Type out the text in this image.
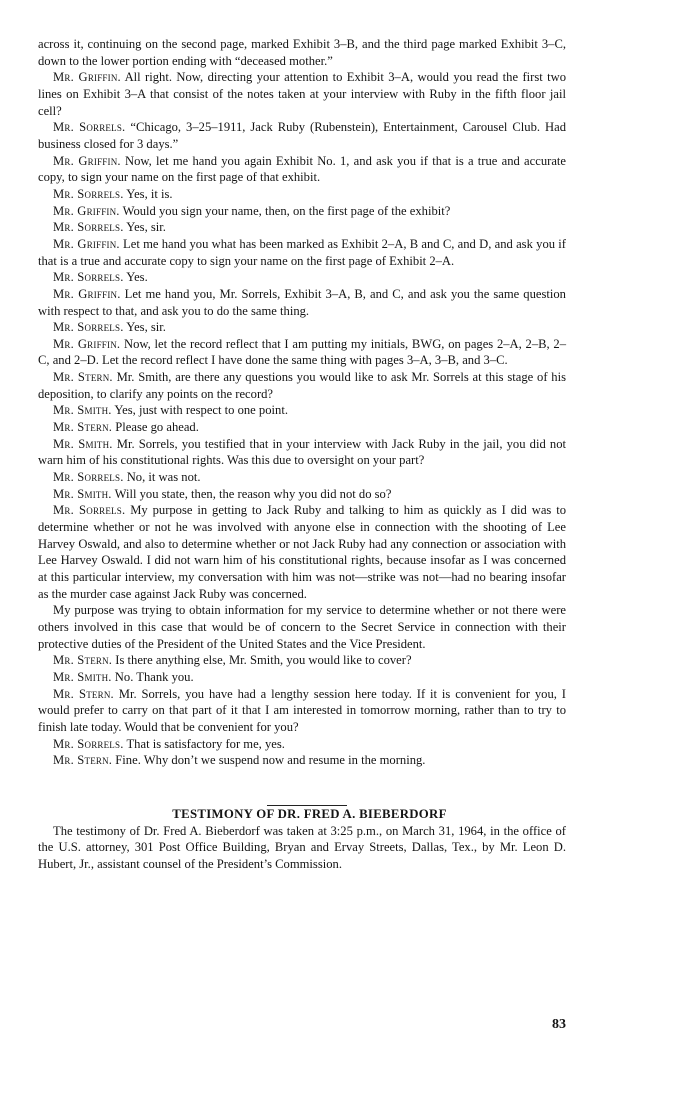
across it, continuing on the second page, marked Exhibit 3–B, and the third page marked Exhibit 3–C, down to the lower portion ending with “deceased mother.”

Mr. Griffin. All right. Now, directing your attention to Exhibit 3–A, would you read the first two lines on Exhibit 3–A that consist of the notes taken at your interview with Ruby in the fifth floor jail cell?

Mr. Sorrels. “Chicago, 3–25–1911, Jack Ruby (Rubenstein), Entertainment, Carousel Club. Had business closed for 3 days.”

Mr. Griffin. Now, let me hand you again Exhibit No. 1, and ask you if that is a true and accurate copy, to sign your name on the first page of that exhibit.

Mr. Sorrels. Yes, it is.

Mr. Griffin. Would you sign your name, then, on the first page of the exhibit?

Mr. Sorrels. Yes, sir.

Mr. Griffin. Let me hand you what has been marked as Exhibit 2–A, B and C, and D, and ask you if that is a true and accurate copy to sign your name on the first page of Exhibit 2–A.

Mr. Sorrels. Yes.

Mr. Griffin. Let me hand you, Mr. Sorrels, Exhibit 3–A, B, and C, and ask you the same question with respect to that, and ask you to do the same thing.

Mr. Sorrels. Yes, sir.

Mr. Griffin. Now, let the record reflect that I am putting my initials, BWG, on pages 2–A, 2–B, 2–C, and 2–D. Let the record reflect I have done the same thing with pages 3–A, 3–B, and 3–C.

Mr. Stern. Mr. Smith, are there any questions you would like to ask Mr. Sorrels at this stage of his deposition, to clarify any points on the record?

Mr. Smith. Yes, just with respect to one point.

Mr. Stern. Please go ahead.

Mr. Smith. Mr. Sorrels, you testified that in your interview with Jack Ruby in the jail, you did not warn him of his constitutional rights. Was this due to oversight on your part?

Mr. Sorrels. No, it was not.

Mr. Smith. Will you state, then, the reason why you did not do so?

Mr. Sorrels. My purpose in getting to Jack Ruby and talking to him as quickly as I did was to determine whether or not he was involved with anyone else in connection with the shooting of Lee Harvey Oswald, and also to determine whether or not Jack Ruby had any connection or association with Lee Harvey Oswald. I did not warn him of his constitutional rights, because insofar as I was concerned at this particular interview, my conversation with him was not—strike was not—had no bearing insofar as the murder case against Jack Ruby was concerned.

My purpose was trying to obtain information for my service to determine whether or not there were others involved in this case that would be of concern to the Secret Service in connection with their protective duties of the President of the United States and the Vice President.

Mr. Stern. Is there anything else, Mr. Smith, you would like to cover?

Mr. Smith. No. Thank you.

Mr. Stern. Mr. Sorrels, you have had a lengthy session here today. If it is convenient for you, I would prefer to carry on that part of it that I am interested in tomorrow morning, rather than to try to finish late today. Would that be convenient for you?

Mr. Sorrels. That is satisfactory for me, yes.

Mr. Stern. Fine. Why don’t we suspend now and resume in the morning.

TESTIMONY OF DR. FRED A. BIEBERDORF

The testimony of Dr. Fred A. Bieberdorf was taken at 3:25 p.m., on March 31, 1964, in the office of the U.S. attorney, 301 Post Office Building, Bryan and Ervay Streets, Dallas, Tex., by Mr. Leon D. Hubert, Jr., assistant counsel of the President’s Commission.

83
